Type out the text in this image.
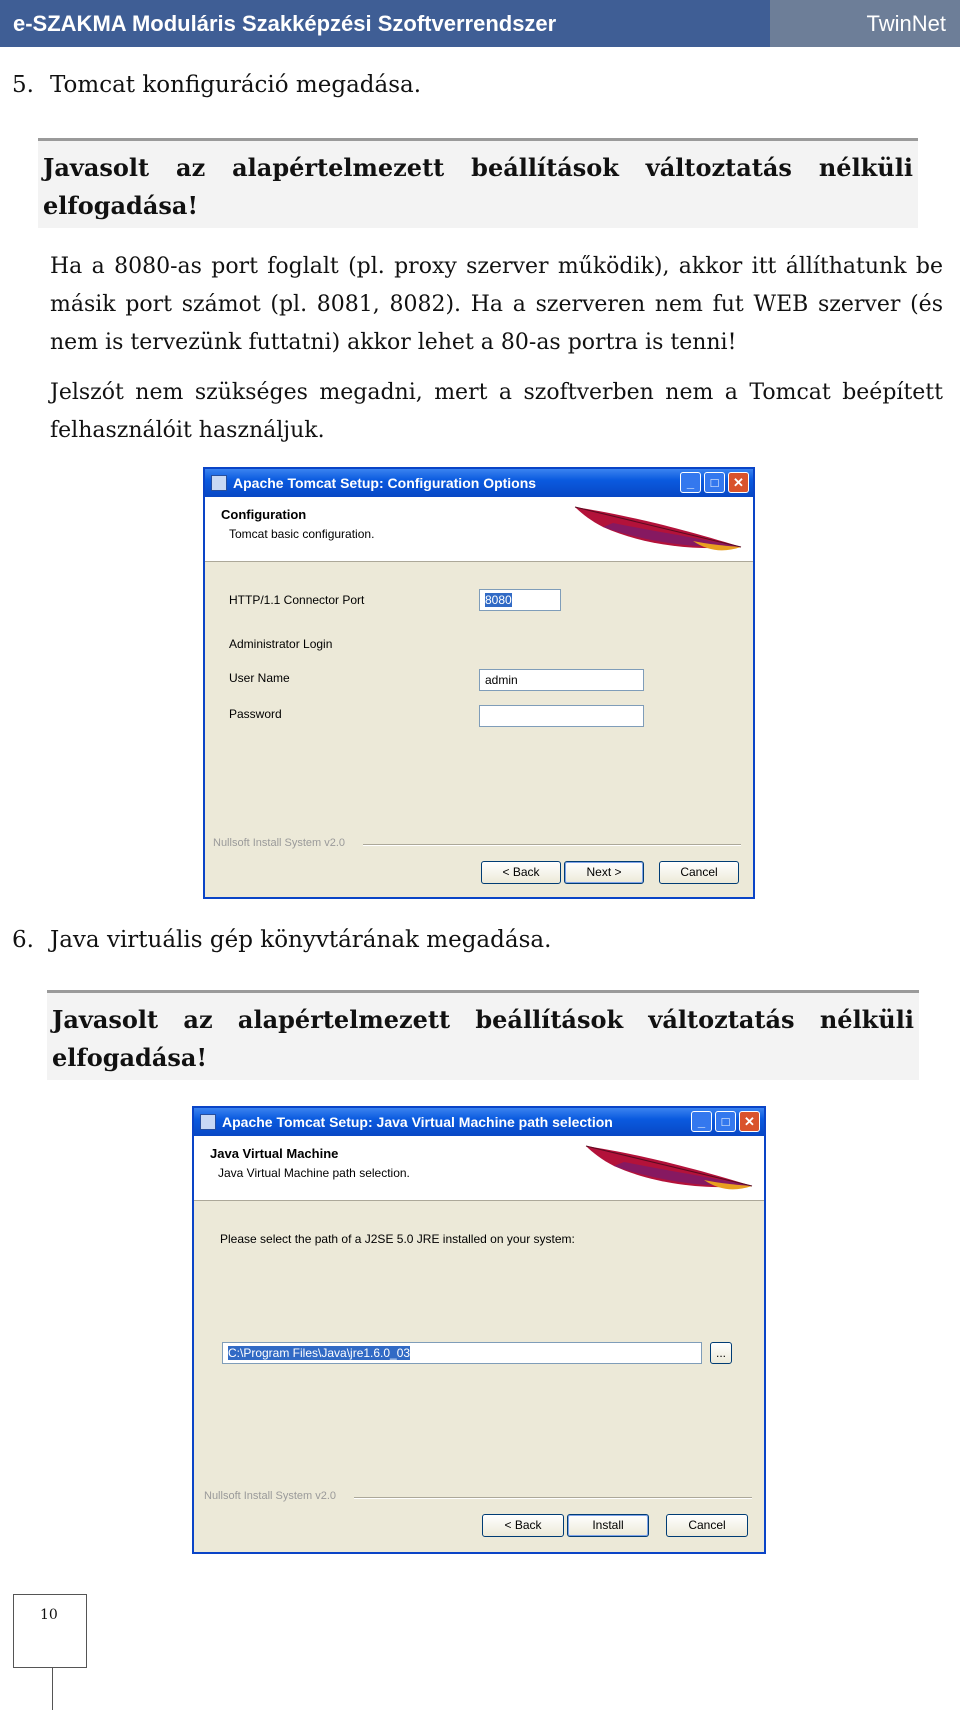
e-SZAKMA Moduláris Szakképzési Szoftverrendszer	TwinNet
5. Tomcat konfiguráció megadása.

Javasolt az alapértelmezett beállítások változtatás nélküli

elfogadása!

Ha a 8080-as port foglalt (pl. proxy szerver működik), akkor itt állíthatunk be másik port számot (pl. 8081, 8082). Ha a szerveren nem fut WEB szerver (és nem is tervezünk futtatni) akkor lehet a 80-as portra is tenni!

Jelszót nem szükséges megadni, mert a szoftverben nem a Tomcat beépített felhasználóit használjuk.

Apache Tomcat Setup: Configuration Options	_	□	✕
Configuration
Tomcat basic configuration.
HTTP/1.1 Connector Port	8080
Administrator Login
User Name	admin
Password
Nullsoft Install System v2.0
< Back	Next >	Cancel
6. Java virtuális gép könyvtárának megadása.

Javasolt az alapértelmezett beállítások változtatás nélküli

elfogadása!

Apache Tomcat Setup: Java Virtual Machine path selection	_	□	✕
Java Virtual Machine
Java Virtual Machine path selection.
Please select the path of a J2SE 5.0 JRE installed on your system:
C:\Program Files\Java\jre1.6.0_03	...
Nullsoft Install System v2.0
< Back	Install	Cancel
10
